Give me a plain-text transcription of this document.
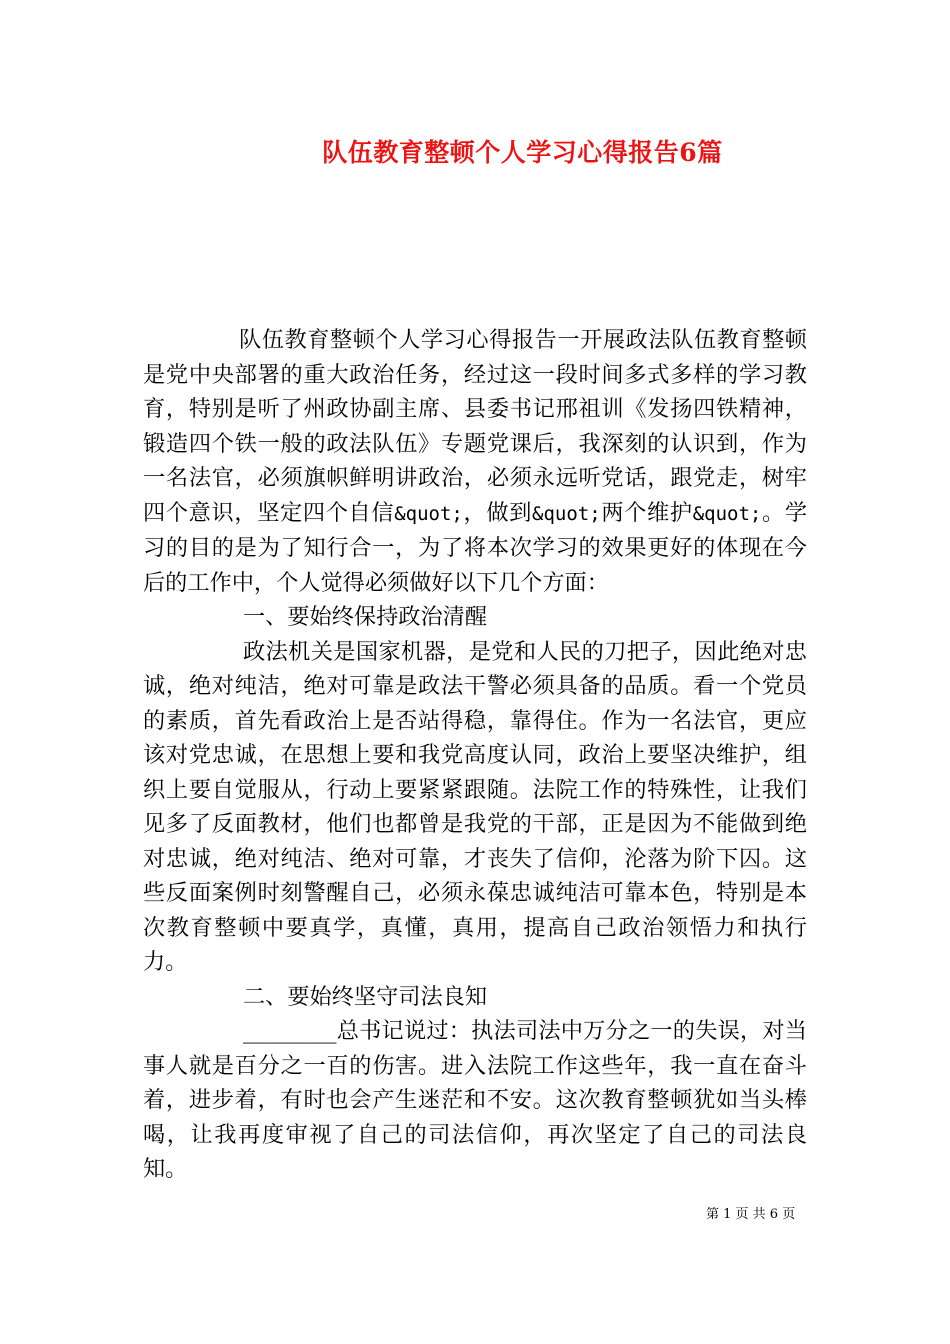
队伍教育整顿个人学习心得报告6篇

队伍教育整顿个人学习心得报告一开展政法队伍教育整顿是党中央部署的重大政治任务，经过这一段时间多式多样的学习教育，特别是听了州政协副主席、县委书记邢祖训《发扬四铁精神，锻造四个铁一般的政法队伍》专题党课后，我深刻的认识到，作为一名法官，必须旗帜鲜明讲政治，必须永远听党话，跟党走，树牢四个意识，坚定四个自信&quot;，做到&quot;两个维护&quot;。学习的目的是为了知行合一，为了将本次学习的效果更好的体现在今后的工作中，个人觉得必须做好以下几个方面：

一、要始终保持政治清醒

政法机关是国家机器，是党和人民的刀把子，因此绝对忠诚，绝对纯洁，绝对可靠是政法干警必须具备的品质。看一个党员的素质，首先看政治上是否站得稳，靠得住。作为一名法官，更应该对党忠诚，在思想上要和我党高度认同，政治上要坚决维护，组织上要自觉服从，行动上要紧紧跟随。法院工作的特殊性，让我们见多了反面教材，他们也都曾是我党的干部，正是因为不能做到绝对忠诚，绝对纯洁、绝对可靠，才丧失了信仰，沦落为阶下囚。这些反面案例时刻警醒自己，必须永葆忠诚纯洁可靠本色，特别是本次教育整顿中要真学，真懂，真用，提高自己政治领悟力和执行力。

二、要始终坚守司法良知

_______总书记说过：执法司法中万分之一的失误，对当事人就是百分之一百的伤害。进入法院工作这些年，我一直在奋斗着，进步着，有时也会产生迷茫和不安。这次教育整顿犹如当头棒喝，让我再度审视了自己的司法信仰，再次坚定了自己的司法良知。

第 1 页 共 6 页
